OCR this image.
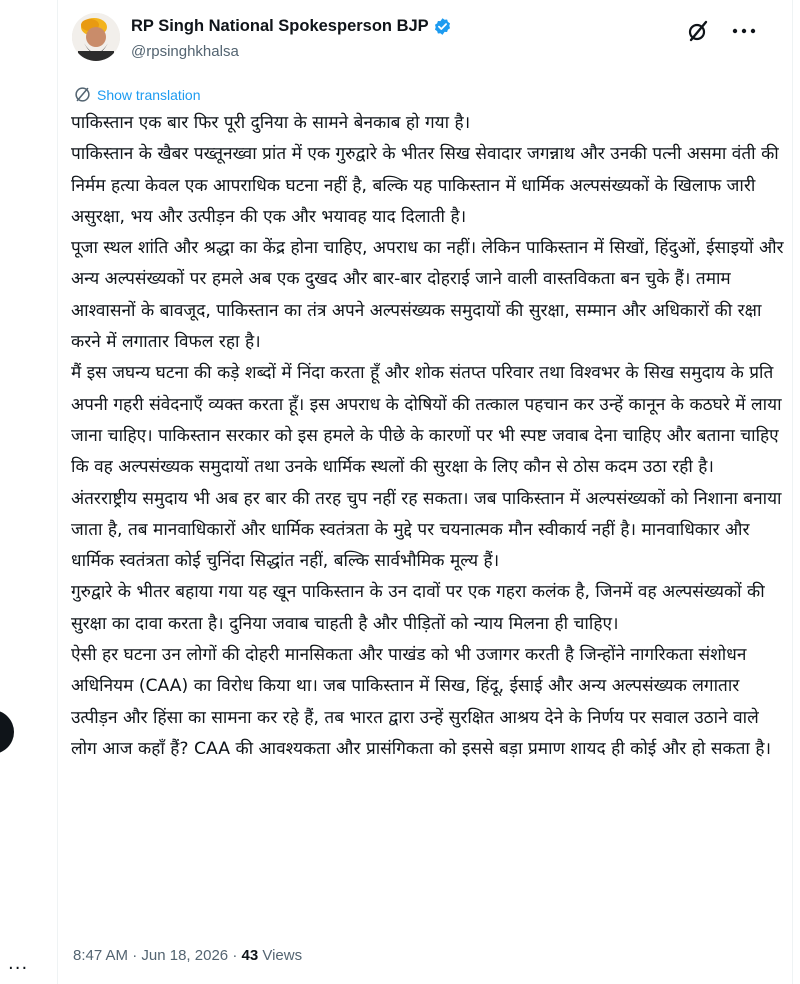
...
RP Singh National Spokesperson BJP
@rpsinghkhalsa
Show translation

पाकिस्तान एक बार फिर पूरी दुनिया के सामने बेनकाब हो गया है।

पाकिस्तान के खैबर पख्तूनख्वा प्रांत में एक गुरुद्वारे के भीतर सिख सेवादार जगन्नाथ और उनकी पत्नी असमा वंती की निर्मम हत्या केवल एक आपराधिक घटना नहीं है, बल्कि यह पाकिस्तान में धार्मिक अल्पसंख्यकों के खिलाफ जारी असुरक्षा, भय और उत्पीड़न की एक और भयावह याद दिलाती है।

पूजा स्थल शांति और श्रद्धा का केंद्र होना चाहिए, अपराध का नहीं। लेकिन पाकिस्तान में सिखों, हिंदुओं, ईसाइयों और अन्य अल्पसंख्यकों पर हमले अब एक दुखद और बार-बार दोहराई जाने वाली वास्तविकता बन चुके हैं। तमाम आश्वासनों के बावजूद, पाकिस्तान का तंत्र अपने अल्पसंख्यक समुदायों की सुरक्षा, सम्मान और अधिकारों की रक्षा करने में लगातार विफल रहा है।

मैं इस जघन्य घटना की कड़े शब्दों में निंदा करता हूँ और शोक संतप्त परिवार तथा विश्वभर के सिख समुदाय के प्रति अपनी गहरी संवेदनाएँ व्यक्त करता हूँ। इस अपराध के दोषियों की तत्काल पहचान कर उन्हें कानून के कठघरे में लाया जाना चाहिए। पाकिस्तान सरकार को इस हमले के पीछे के कारणों पर भी स्पष्ट जवाब देना चाहिए और बताना चाहिए कि वह अल्पसंख्यक समुदायों तथा उनके धार्मिक स्थलों की सुरक्षा के लिए कौन से ठोस कदम उठा रही है।

अंतरराष्ट्रीय समुदाय भी अब हर बार की तरह चुप नहीं रह सकता। जब पाकिस्तान में अल्पसंख्यकों को निशाना बनाया जाता है, तब मानवाधिकारों और धार्मिक स्वतंत्रता के मुद्दे पर चयनात्मक मौन स्वीकार्य नहीं है। मानवाधिकार और धार्मिक स्वतंत्रता कोई चुनिंदा सिद्धांत नहीं, बल्कि सार्वभौमिक मूल्य हैं।

गुरुद्वारे के भीतर बहाया गया यह खून पाकिस्तान के उन दावों पर एक गहरा कलंक है, जिनमें वह अल्पसंख्यकों की सुरक्षा का दावा करता है। दुनिया जवाब चाहती है और पीड़ितों को न्याय मिलना ही चाहिए।

ऐसी हर घटना उन लोगों की दोहरी मानसिकता और पाखंड को भी उजागर करती है जिन्होंने नागरिकता संशोधन अधिनियम (CAA) का विरोध किया था। जब पाकिस्तान में सिख, हिंदू, ईसाई और अन्य अल्पसंख्यक लगातार उत्पीड़न और हिंसा का सामना कर रहे हैं, तब भारत द्वारा उन्हें सुरक्षित आश्रय देने के निर्णय पर सवाल उठाने वाले लोग आज कहाँ हैं? CAA की आवश्यकता और प्रासंगिकता को इससे बड़ा प्रमाण शायद ही कोई और हो सकता है।

8:47 AM · Jun 18, 2026 · 43 Views
